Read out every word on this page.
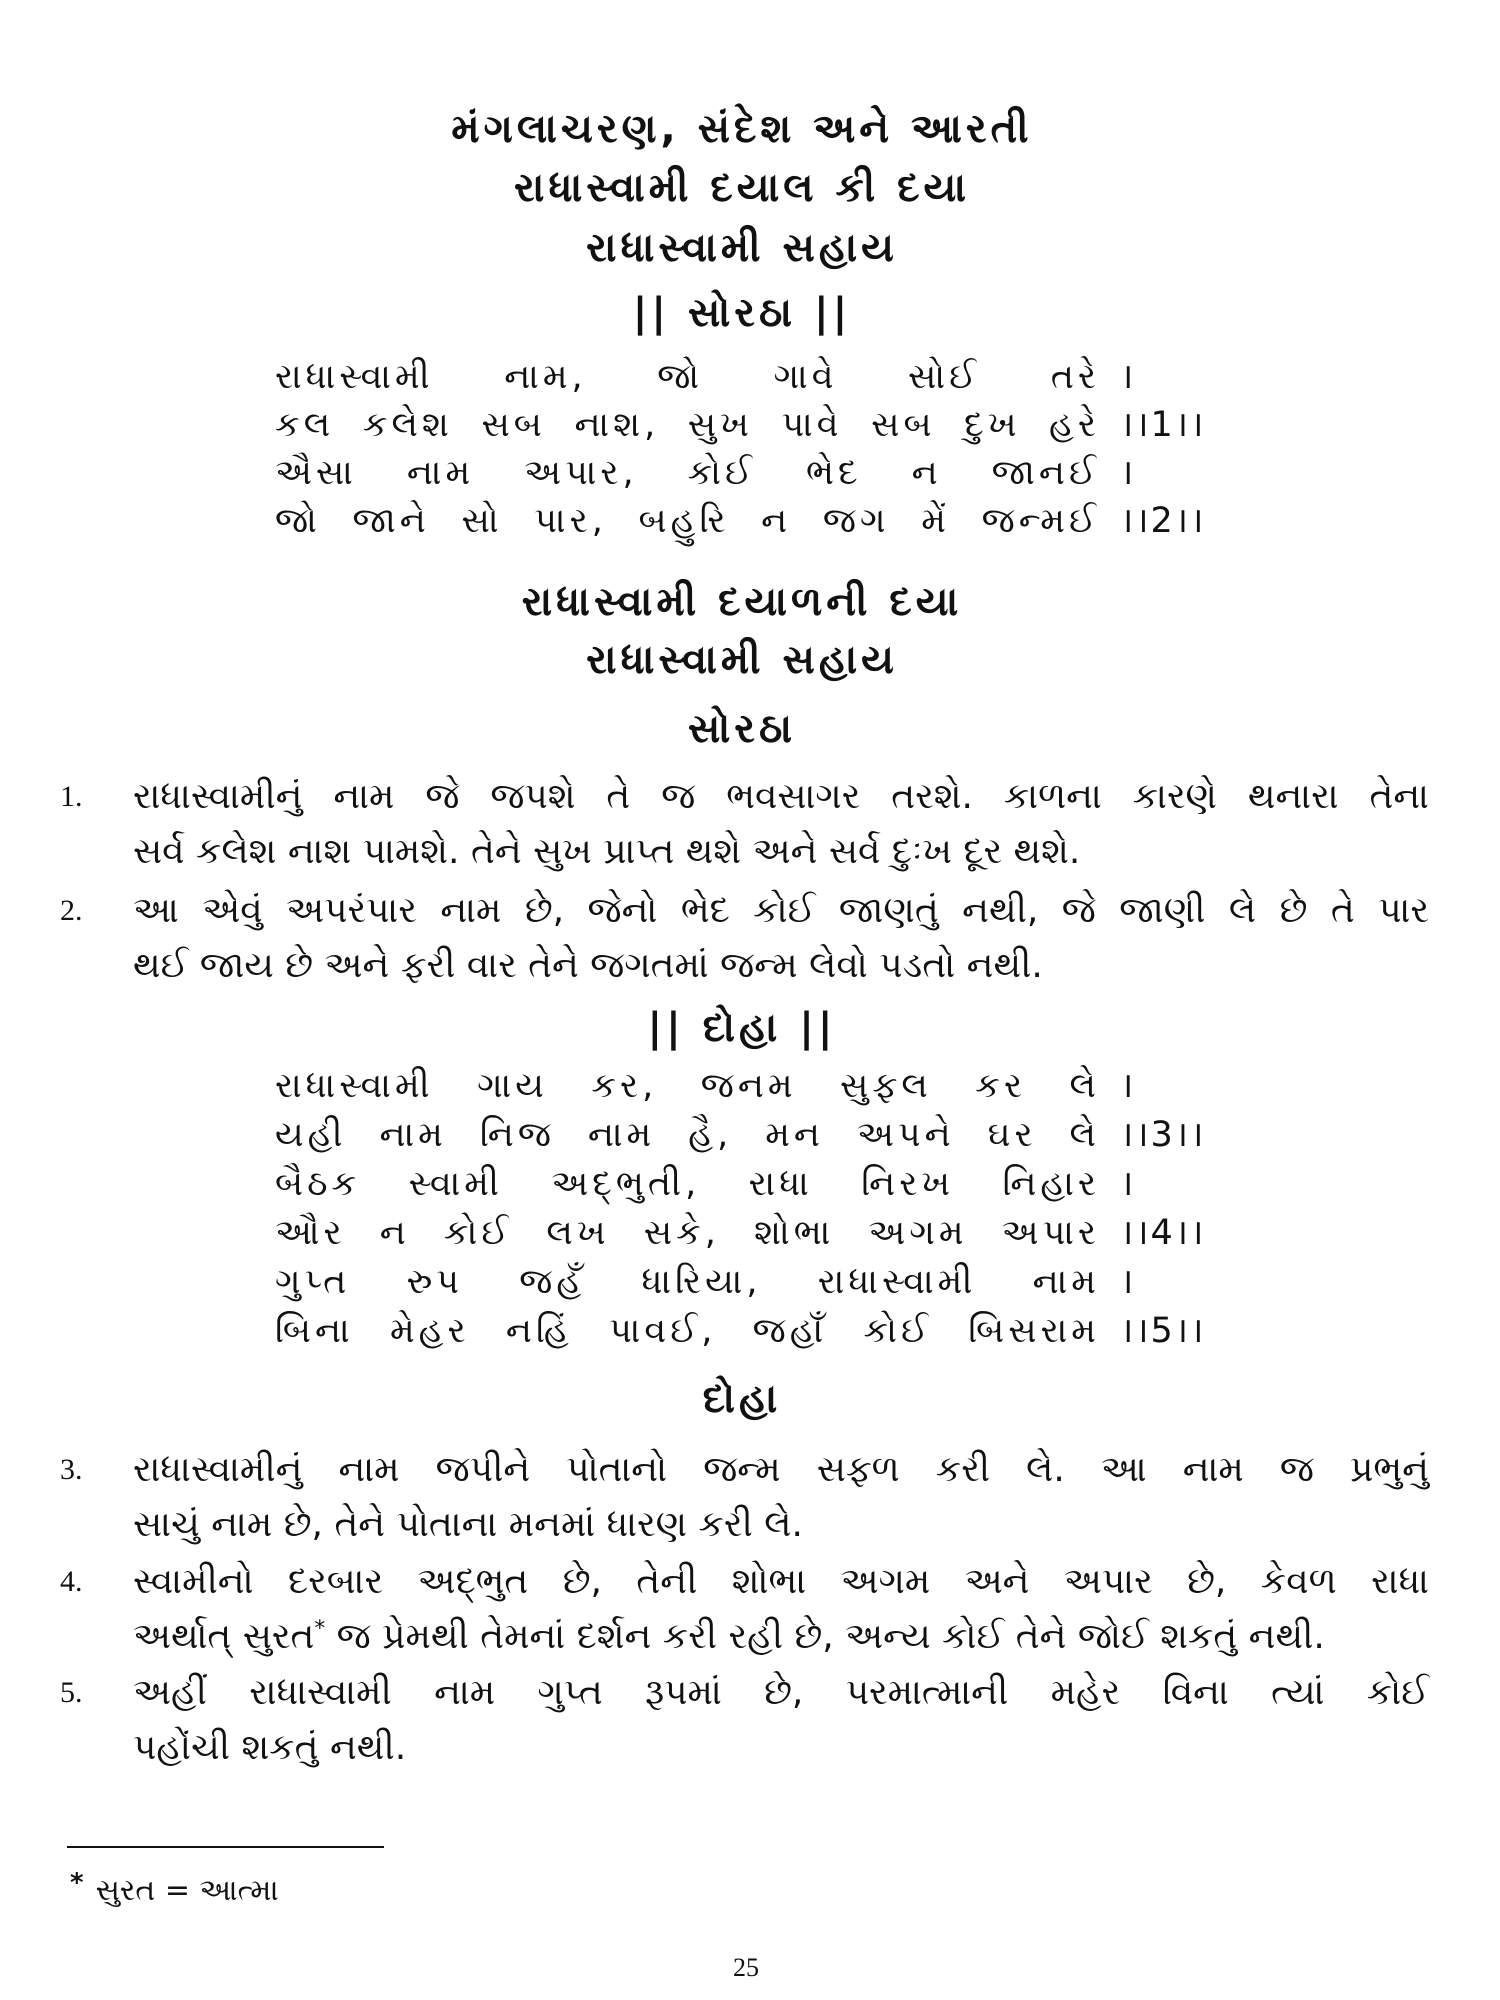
મંગલાચરણ, સંદેશ અને આરતી
રાધાસ્વામી દયાલ કી દયા
રાધાસ્વામી સહાય
|| સોરઠા ||
રાધાસ્વામી નામ, જો ગાવે સોઈ તરે ।
કલ કલેશ સબ નાશ, સુખ પાવે સબ દુખ હરે ।।1।।
ઐસા નામ અપાર, કોઈ ભેદ ન જાનઈ ।
જો જાને સો પાર, બહુરિ ન જગ મેં જન્મઈ ।।2।।
રાધાસ્વામી દયાળની દયા
રાધાસ્વામી સહાય
સોરઠા
1.	રાધાસ્વામીનું નામ જે જપશે તે જ ભવસાગર તરશે. કાળના કારણે થનારા તેના
સર્વ કલેશ નાશ પામશે. તેને સુખ પ્રાપ્ત થશે અને સર્વ દુઃખ દૂર થશે.
2.	આ એવું અપરંપાર નામ છે, જેનો ભેદ કોઈ જાણતું નથી, જે જાણી લે છે તે પાર
થઈ જાય છે અને ફરી વાર તેને જગતમાં જન્મ લેવો પડતો નથી.
|| દોહા ||
રાધાસ્વામી ગાય કર, જનમ સુફલ કર લે ।
યહી નામ નિજ નામ હૈ, મન અપને ઘર લે ।।3।।
બૈઠક સ્વામી અદ્‌ભુતી, રાધા નિરખ નિહાર ।
ઔર ન કોઈ લખ સકે, શોભા અગમ અપાર ।।4।।
ગુપ્ત રુપ જહઁ ધારિયા, રાધાસ્વામી નામ ।
બિના મેહર નહિં પાવઈ, જહાઁ કોઈ બિસરામ ।।5।।
દોહા
3.	રાધાસ્વામીનું નામ જપીને પોતાનો જન્મ સફળ કરી લે. આ નામ જ પ્રભુનું
સાચું નામ છે, તેને પોતાના મનમાં ધારણ કરી લે.
4.	સ્વામીનો દરબાર અદ્‌ભુત છે, તેની શોભા અગમ અને અપાર છે, કેવળ રાધા
અર્થાત્ સુરત* જ પ્રેમથી તેમનાં દર્શન કરી રહી છે, અન્ય કોઈ તેને જોઈ શકતું નથી.
5.	અહીં રાધાસ્વામી નામ ગુપ્ત રૂપમાં છે, પરમાત્માની મહેર વિના ત્યાં કોઈ
પહોંચી શકતું નથી.
* સુરત = આત્મા
25
